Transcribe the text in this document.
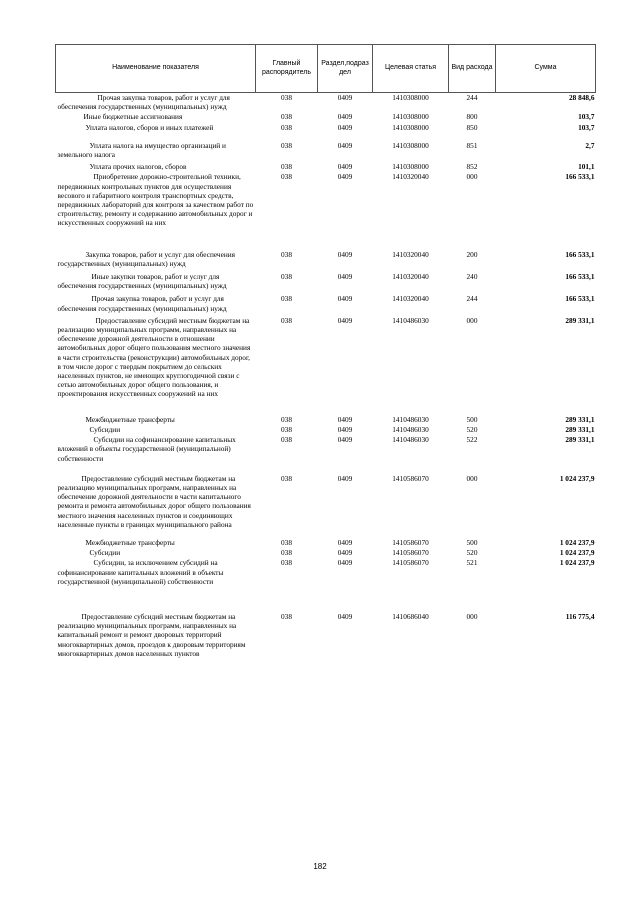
Наименование показателя	Главный распорядитель	Раздел,подраз дел	Целевая статья	Вид расхода	Сумма
Прочая закупка товаров, работ и услуг для обеспечения государственных (муниципальных) нужд	038	0409	1410308000	244	28 848,6
Иные бюджетные ассигнования	038	0409	1410308000	800	103,7
Уплата налогов, сборов и иных платежей	038	0409	1410308000	850	103,7
Уплата налога на имущество организаций и земельного налога	038	0409	1410308000	851	2,7
Уплата прочих налогов, сборов	038	0409	1410308000	852	101,1
Приобретение дорожно-строительной техники, передвижных контрольных пунктов для осуществления весового и габаритного контроля транспортных средств, передвижных лабораторий для контроля за качеством работ по строительству, ремонту и содержанию автомобильных дорог и искусственных сооружений на них	038	0409	1410320040	000	166 533,1
Закупка товаров, работ и услуг для обеспечения государственных (муниципальных) нужд	038	0409	1410320040	200	166 533,1
Иные закупки товаров, работ и услуг для обеспечения государственных (муниципальных) нужд	038	0409	1410320040	240	166 533,1
Прочая закупка товаров, работ и услуг для обеспечения государственных (муниципальных) нужд	038	0409	1410320040	244	166 533,1
Предоставление субсидий местным бюджетам на реализацию муниципальных программ, направленных на обеспечение дорожной деятельности в отношении автомобильных дорог общего пользования местного значения в части строительства (реконструкции) автомобильных дорог, в том числе дорог с твердым покрытием до сельских населенных пунктов, не имеющих круглогодичной связи с сетью автомобильных дорог общего пользования, и проектирования искусственных сооружений на них	038	0409	1410486030	000	289 331,1
Межбюджетные трансферты	038	0409	1410486030	500	289 331,1
Субсидии	038	0409	1410486030	520	289 331,1
Субсидии на софинансирование капитальных вложений в объекты государственной (муниципальной) собственности	038	0409	1410486030	522	289 331,1
Предоставление субсидий местным бюджетам на реализацию муниципальных программ, направленных на обеспечение дорожной деятельности в части капитального ремонта и ремонта автомобильных дорог общего пользования местного значения населенных пунктов и соединяющих населенные пункты в границах муниципального района	038	0409	1410586070	000	1 024 237,9
Межбюджетные трансферты	038	0409	1410586070	500	1 024 237,9
Субсидии	038	0409	1410586070	520	1 024 237,9
Субсидии, за исключением субсидий на софинансирование капитальных вложений в объекты государственной (муниципальной) собственности	038	0409	1410586070	521	1 024 237,9
Предоставление субсидий местным бюджетам на реализацию муниципальных программ, направленных на капитальный ремонт и ремонт дворовых территорий многоквартирных домов, проездов к дворовым территориям многоквартирных домов населенных пунктов	038	0409	1410686040	000	116 775,4
182
